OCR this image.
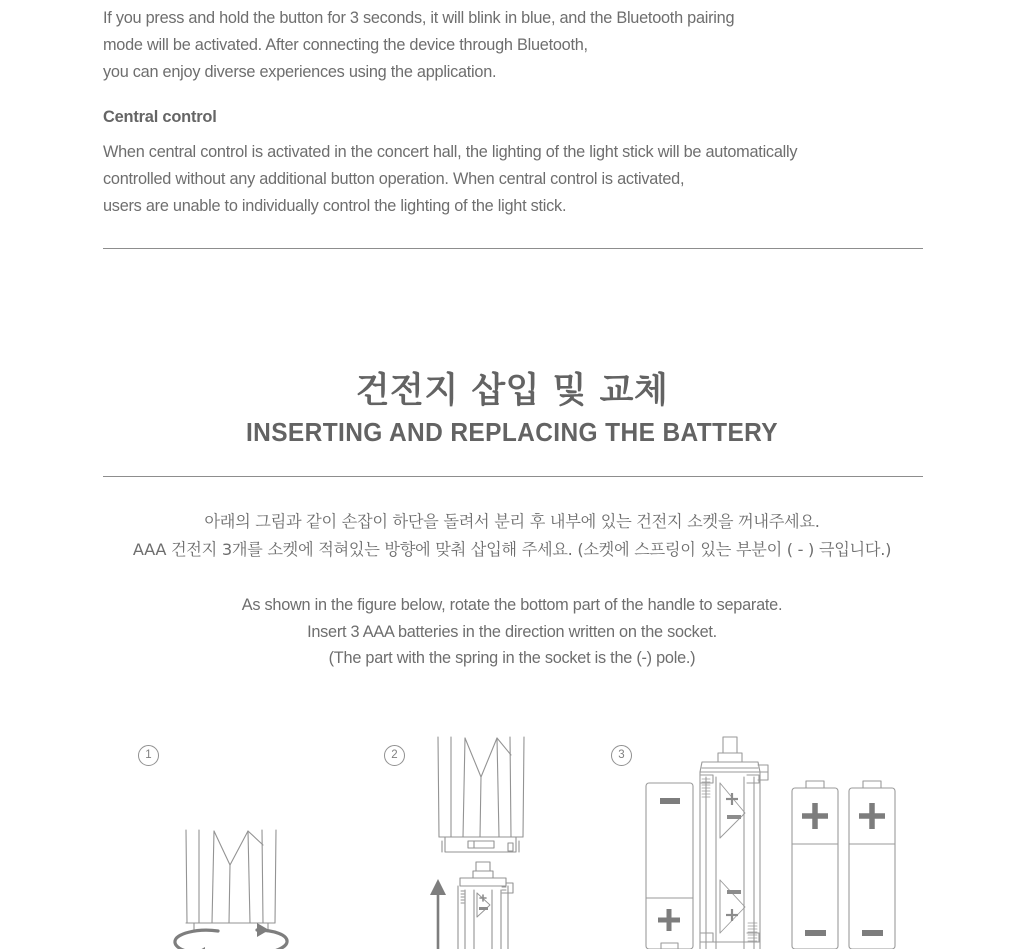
If you press and hold the button for 3 seconds, it will blink in blue, and the Bluetooth pairing
mode will be activated. After connecting the device through Bluetooth,
you can enjoy diverse experiences using the application.
Central control
When central control is activated in the concert hall, the lighting of the light stick will be automatically
controlled without any additional button operation. When central control is activated,
users are unable to individually control the lighting of the light stick.
건전지 삽입 및 교체
INSERTING AND REPLACING THE BATTERY
아래의 그림과 같이 손잡이 하단을 돌려서 분리 후 내부에 있는 건전지 소켓을 꺼내주세요.
AAA 건전지 3개를 소켓에 적혀있는 방향에 맞춰 삽입해 주세요. (소켓에 스프링이 있는 부분이 ( - ) 극입니다.)
As shown in the figure below, rotate the bottom part of the handle to separate.
Insert 3 AAA batteries in the direction written on the socket.
(The part with the spring in the socket is the (-) pole.)
1	2	3
